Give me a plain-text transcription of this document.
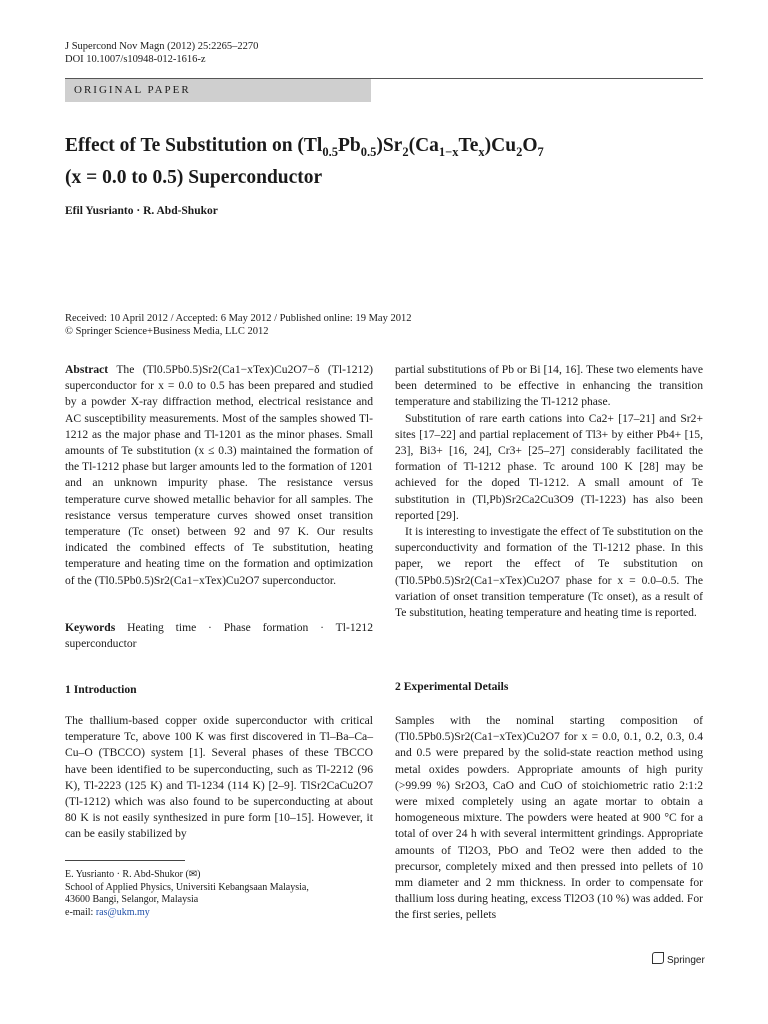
J Supercond Nov Magn (2012) 25:2265–2270
DOI 10.1007/s10948-012-1616-z
ORIGINAL PAPER
Effect of Te Substitution on $(Tl_{0.5}Pb_{0.5})Sr_2(Ca_{1-x}Te_x)Cu_2O_7$
(x = 0.0 to 0.5) Superconductor
Efil Yusrianto · R. Abd-Shukor
Received: 10 April 2012 / Accepted: 6 May 2012 / Published online: 19 May 2012
© Springer Science+Business Media, LLC 2012

Abstract The (Tl0.5Pb0.5)Sr2(Ca1−xTex)Cu2O7−δ (Tl-1212) superconductor for x = 0.0 to 0.5 has been prepared and studied by a powder X-ray diffraction method, electrical resistance and AC susceptibility measurements. Most of the samples showed Tl-1212 as the major phase and Tl-1201 as the minor phases. Small amounts of Te substitution (x ≤ 0.3) maintained the formation of the Tl-1212 phase but larger amounts led to the formation of 1201 and an unknown impurity phase. The resistance versus temperature curve showed metallic behavior for all samples. The resistance versus temperature curves showed onset transition temperature (Tc onset) between 92 and 97 K. Our results indicated the combined effects of Te substitution, heating temperature and heating time on the formation and optimization of the (Tl0.5Pb0.5)Sr2(Ca1−xTex)Cu2O7 superconductor.

Keywords Heating time · Phase formation · Tl-1212 superconductor

1 Introduction
The thallium-based copper oxide superconductor with critical temperature Tc, above 100 K was first discovered in Tl–Ba–Ca–Cu–O (TBCCO) system [1]. Several phases of these TBCCO have been identified to be superconducting, such as Tl-2212 (96 K), Tl-2223 (125 K) and Tl-1234 (114 K) [2–9]. TlSr2CaCu2O7 (Tl-1212) which was also found to be superconducting at about 80 K is not easily synthesized in pure form [10–15]. However, it can be easily stabilized by
E. Yusrianto · R. Abd-Shukor (✉)
School of Applied Physics, Universiti Kebangsaan Malaysia,
43600 Bangi, Selangor, Malaysia
e-mail: ras@ukm.my

partial substitutions of Pb or Bi [14, 16]. These two elements have been determined to be effective in enhancing the transition temperature and stabilizing the Tl-1212 phase.

Substitution of rare earth cations into Ca2+ [17–21] and Sr2+ sites [17–22] and partial replacement of Tl3+ by either Pb4+ [15, 23], Bi3+ [16, 24], Cr3+ [25–27] considerably facilitated the formation of Tl-1212 phase. Tc around 100 K [28] may be achieved for the doped Tl-1212. A small amount of Te substitution in (Tl,Pb)Sr2Ca2Cu3O9 (Tl-1223) has also been reported [29].

It is interesting to investigate the effect of Te substitution on the superconductivity and formation of the Tl-1212 phase. In this paper, we report the effect of Te substitution on (Tl0.5Pb0.5)Sr2(Ca1−xTex)Cu2O7 phase for x = 0.0–0.5. The variation of onset transition temperature (Tc onset), as a result of Te substitution, heating temperature and heating time is reported.

2 Experimental Details
Samples with the nominal starting composition of (Tl0.5Pb0.5)Sr2(Ca1−xTex)Cu2O7 for x = 0.0, 0.1, 0.2, 0.3, 0.4 and 0.5 were prepared by the solid-state reaction method using metal oxides powders. Appropriate amounts of high purity (>99.99 %) Sr2O3, CaO and CuO of stoichiometric ratio 2:1:2 were mixed completely using an agate mortar to obtain a homogeneous mixture. The powders were heated at 900 °C for a total of over 24 h with several intermittent grindings. Appropriate amounts of Tl2O3, PbO and TeO2 were then added to the precursor, completely mixed and then pressed into pellets of 10 mm diameter and 2 mm thickness. In order to compensate for thallium loss during heating, excess Tl2O3 (10 %) was added. For the first series, pellets
Springer
